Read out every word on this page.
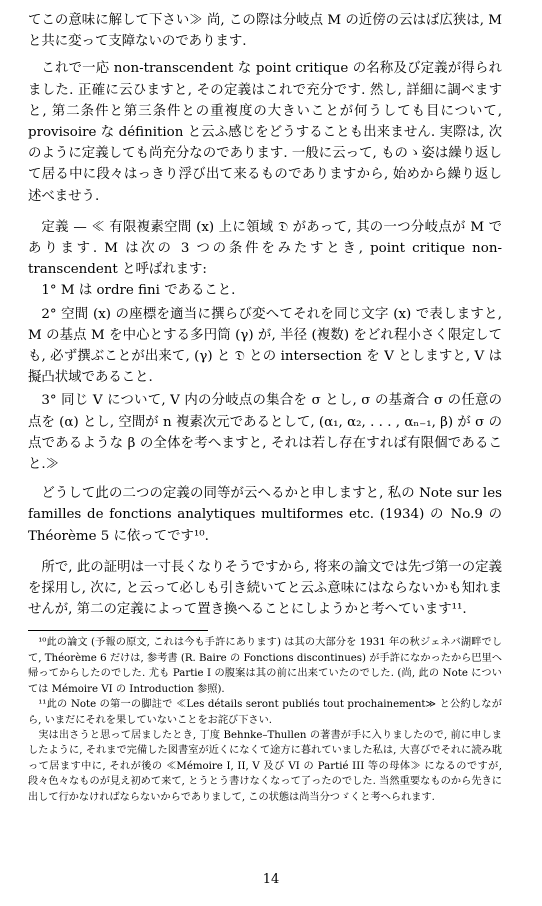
てこの意味に解して下さい≫ 尚, この際は分岐点 M の近傍の云はば広狭は, M と共に変って支障ないのであります.

これで一応 non-transcendent な point critique の名称及び定義が得られました. 正確に云ひますと, その定義はこれで充分です. 然し, 詳細に調べますと, 第二条件と第三条件との重複度の大きいことが何うしても目について, provisoire な définition と云ふ感じをどうすることも出来ません. 実際は, 次のように定義しても尚充分なのであります. 一般に云って, ものゝ姿は繰り返して居る中に段々はっきり浮び出て来るものでありますから, 始めから繰り返し述べませう.

定義 — ≪ 有限複素空間 (x) 上に領域 𝔇 があって, 其の一つ分岐点が M であります. M は次の 3 つの条件をみたすとき, point critique non-transcendent と呼ばれます:

1° M は ordre fini であること.

2° 空間 (x) の座標を適当に撰らび変へてそれを同じ文字 (x) で表しますと, M の基点 M を中心とする多円筒 (γ) が, 半径 (複数) をどれ程小さく限定しても, 必ず撰ぶことが出来て, (γ) と 𝔇 との intersection を V としますと, V は擬凸状域であること.

3° 同じ V について, V 内の分岐点の集合を σ とし, σ の基斎合 σ の任意の点を (α) とし, 空間が n 複素次元であるとして, (α₁, α₂, . . . , αₙ₋₁, β) が σ の点であるような β の全体を考へますと, それは若し存在すれば有限個であること.≫

どうして此の二つの定義の同等が云へるかと申しますと, 私の Note sur les familles de fonctions analytiques multiformes etc. (1934) の No.9 の Théorème 5 に依ってです¹⁰.

所で, 此の証明は一寸長くなりそうですから, 将来の論文では先づ第一の定義を採用し, 次に, と云って必しも引き続いてと云ふ意味にはならないかも知れませんが, 第二の定義によって置き換へることにしようかと考へています¹¹.

¹⁰此の論文 (予報の原文, これは今も手許にあります) は其の大部分を 1931 年の秋ジェネバ湖畔でして, Théorème 6 だけは, 参考書 (R. Baire の Fonctions discontinues) が手許になかったから巴里へ帰ってからしたのでした. 尤も Partie I の腹案は其の前に出来ていたのでした. (尚, 此の Note については Mémoire VI の Introduction 参照).

¹¹此の Note の第一の脚註で ≪Les détails seront publiés tout prochainement≫ と公約しながら, いまだにそれを果していないことをお詫び下さい.

実は出さうと思って居ましたとき, 丁度 Behnke–Thullen の著書が手に入りましたので, 前に申しましたように, それまで完備した図書室が近くになくて途方に暮れていました私は, 大喜びでそれに読み耽って居ます中に, それが後の ≪Mémoire I, II, V 及び VI の Partié III 等の母体≫ になるのですが, 段々色々なものが見え初めて来て, とうとう書けなくなって了ったのでした. 当然重要なものから先きに出して行かなければならないからでありまして, この状態は尚当分つゞくと考へられます.

14
